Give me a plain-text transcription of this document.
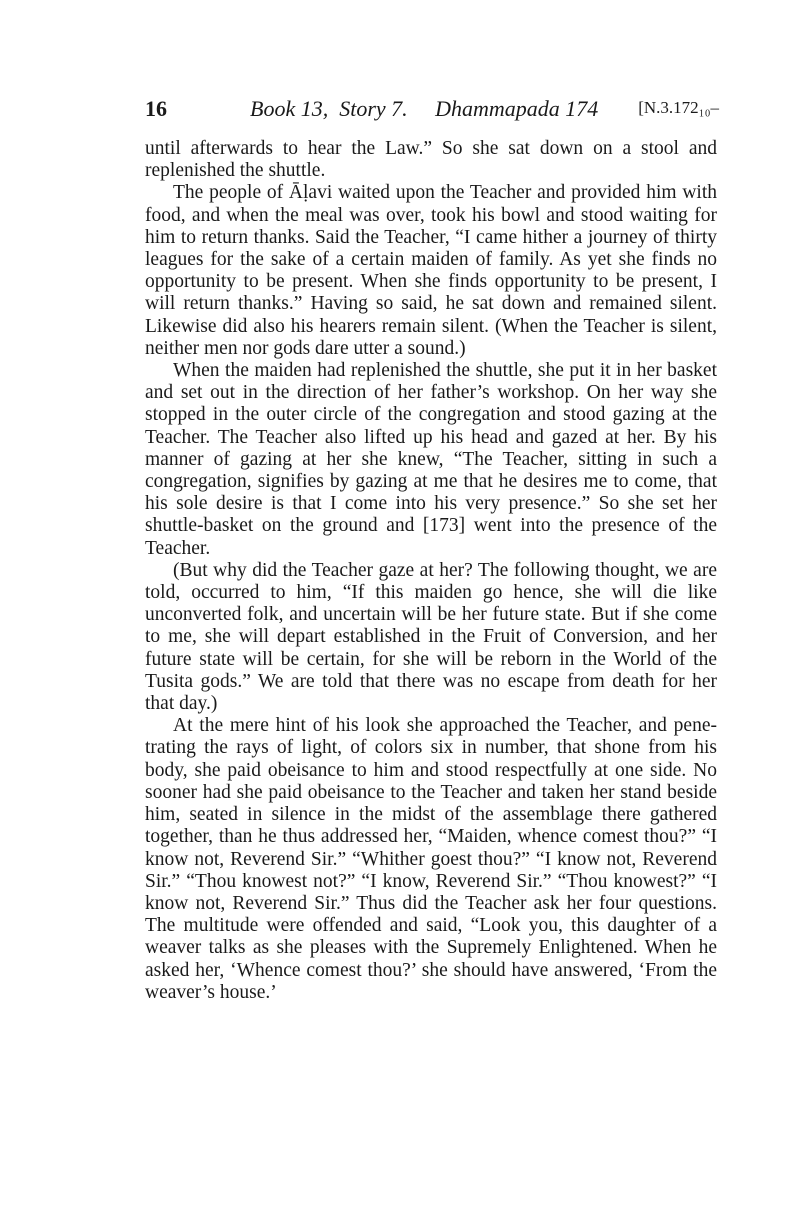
16	Book 13,  Story 7.     Dhammapada 174 [N.3.172₁₀–

until afterwards to hear the Law.” So she sat down on a stool and replenished the shuttle.

The people of Āḷavi waited upon the Teacher and provided him with food, and when the meal was over, took his bowl and stood waiting for him to return thanks. Said the Teacher, “I came hither a journey of thirty leagues for the sake of a certain maiden of family. As yet she finds no opportunity to be present. When she finds opportunity to be present, I will return thanks.” Having so said, he sat down and remained silent. Likewise did also his hearers remain silent. (When the Teacher is silent, neither men nor gods dare utter a sound.)

When the maiden had replenished the shuttle, she put it in her basket and set out in the direction of her father’s workshop. On her way she stopped in the outer circle of the congregation and stood gazing at the Teacher. The Teacher also lifted up his head and gazed at her. By his manner of gazing at her she knew, “The Teacher, sitting in such a congregation, signifies by gazing at me that he desires me to come, that his sole desire is that I come into his very presence.” So she set her shuttle-basket on the ground and [173] went into the presence of the Teacher.

(But why did the Teacher gaze at her? The following thought, we are told, occurred to him, “If this maiden go hence, she will die like unconverted folk, and uncertain will be her future state. But if she come to me, she will depart established in the Fruit of Conversion, and her future state will be certain, for she will be reborn in the World of the Tusita gods.” We are told that there was no escape from death for her that day.)

At the mere hint of his look she approached the Teacher, and penetrating the rays of light, of colors six in number, that shone from his body, she paid obeisance to him and stood respectfully at one side. No sooner had she paid obeisance to the Teacher and taken her stand beside him, seated in silence in the midst of the assemblage there gathered together, than he thus addressed her, “Maiden, whence comest thou?” “I know not, Reverend Sir.” “Whither goest thou?” “I know not, Reverend Sir.” “Thou knowest not?” “I know, Reverend Sir.” “Thou knowest?” “I know not, Reverend Sir.” Thus did the Teacher ask her four questions. The multitude were offended and said, “Look you, this daughter of a weaver talks as she pleases with the Supremely Enlightened. When he asked her, ‘Whence comest thou?’ she should have answered, ‘From the weaver’s house.’
